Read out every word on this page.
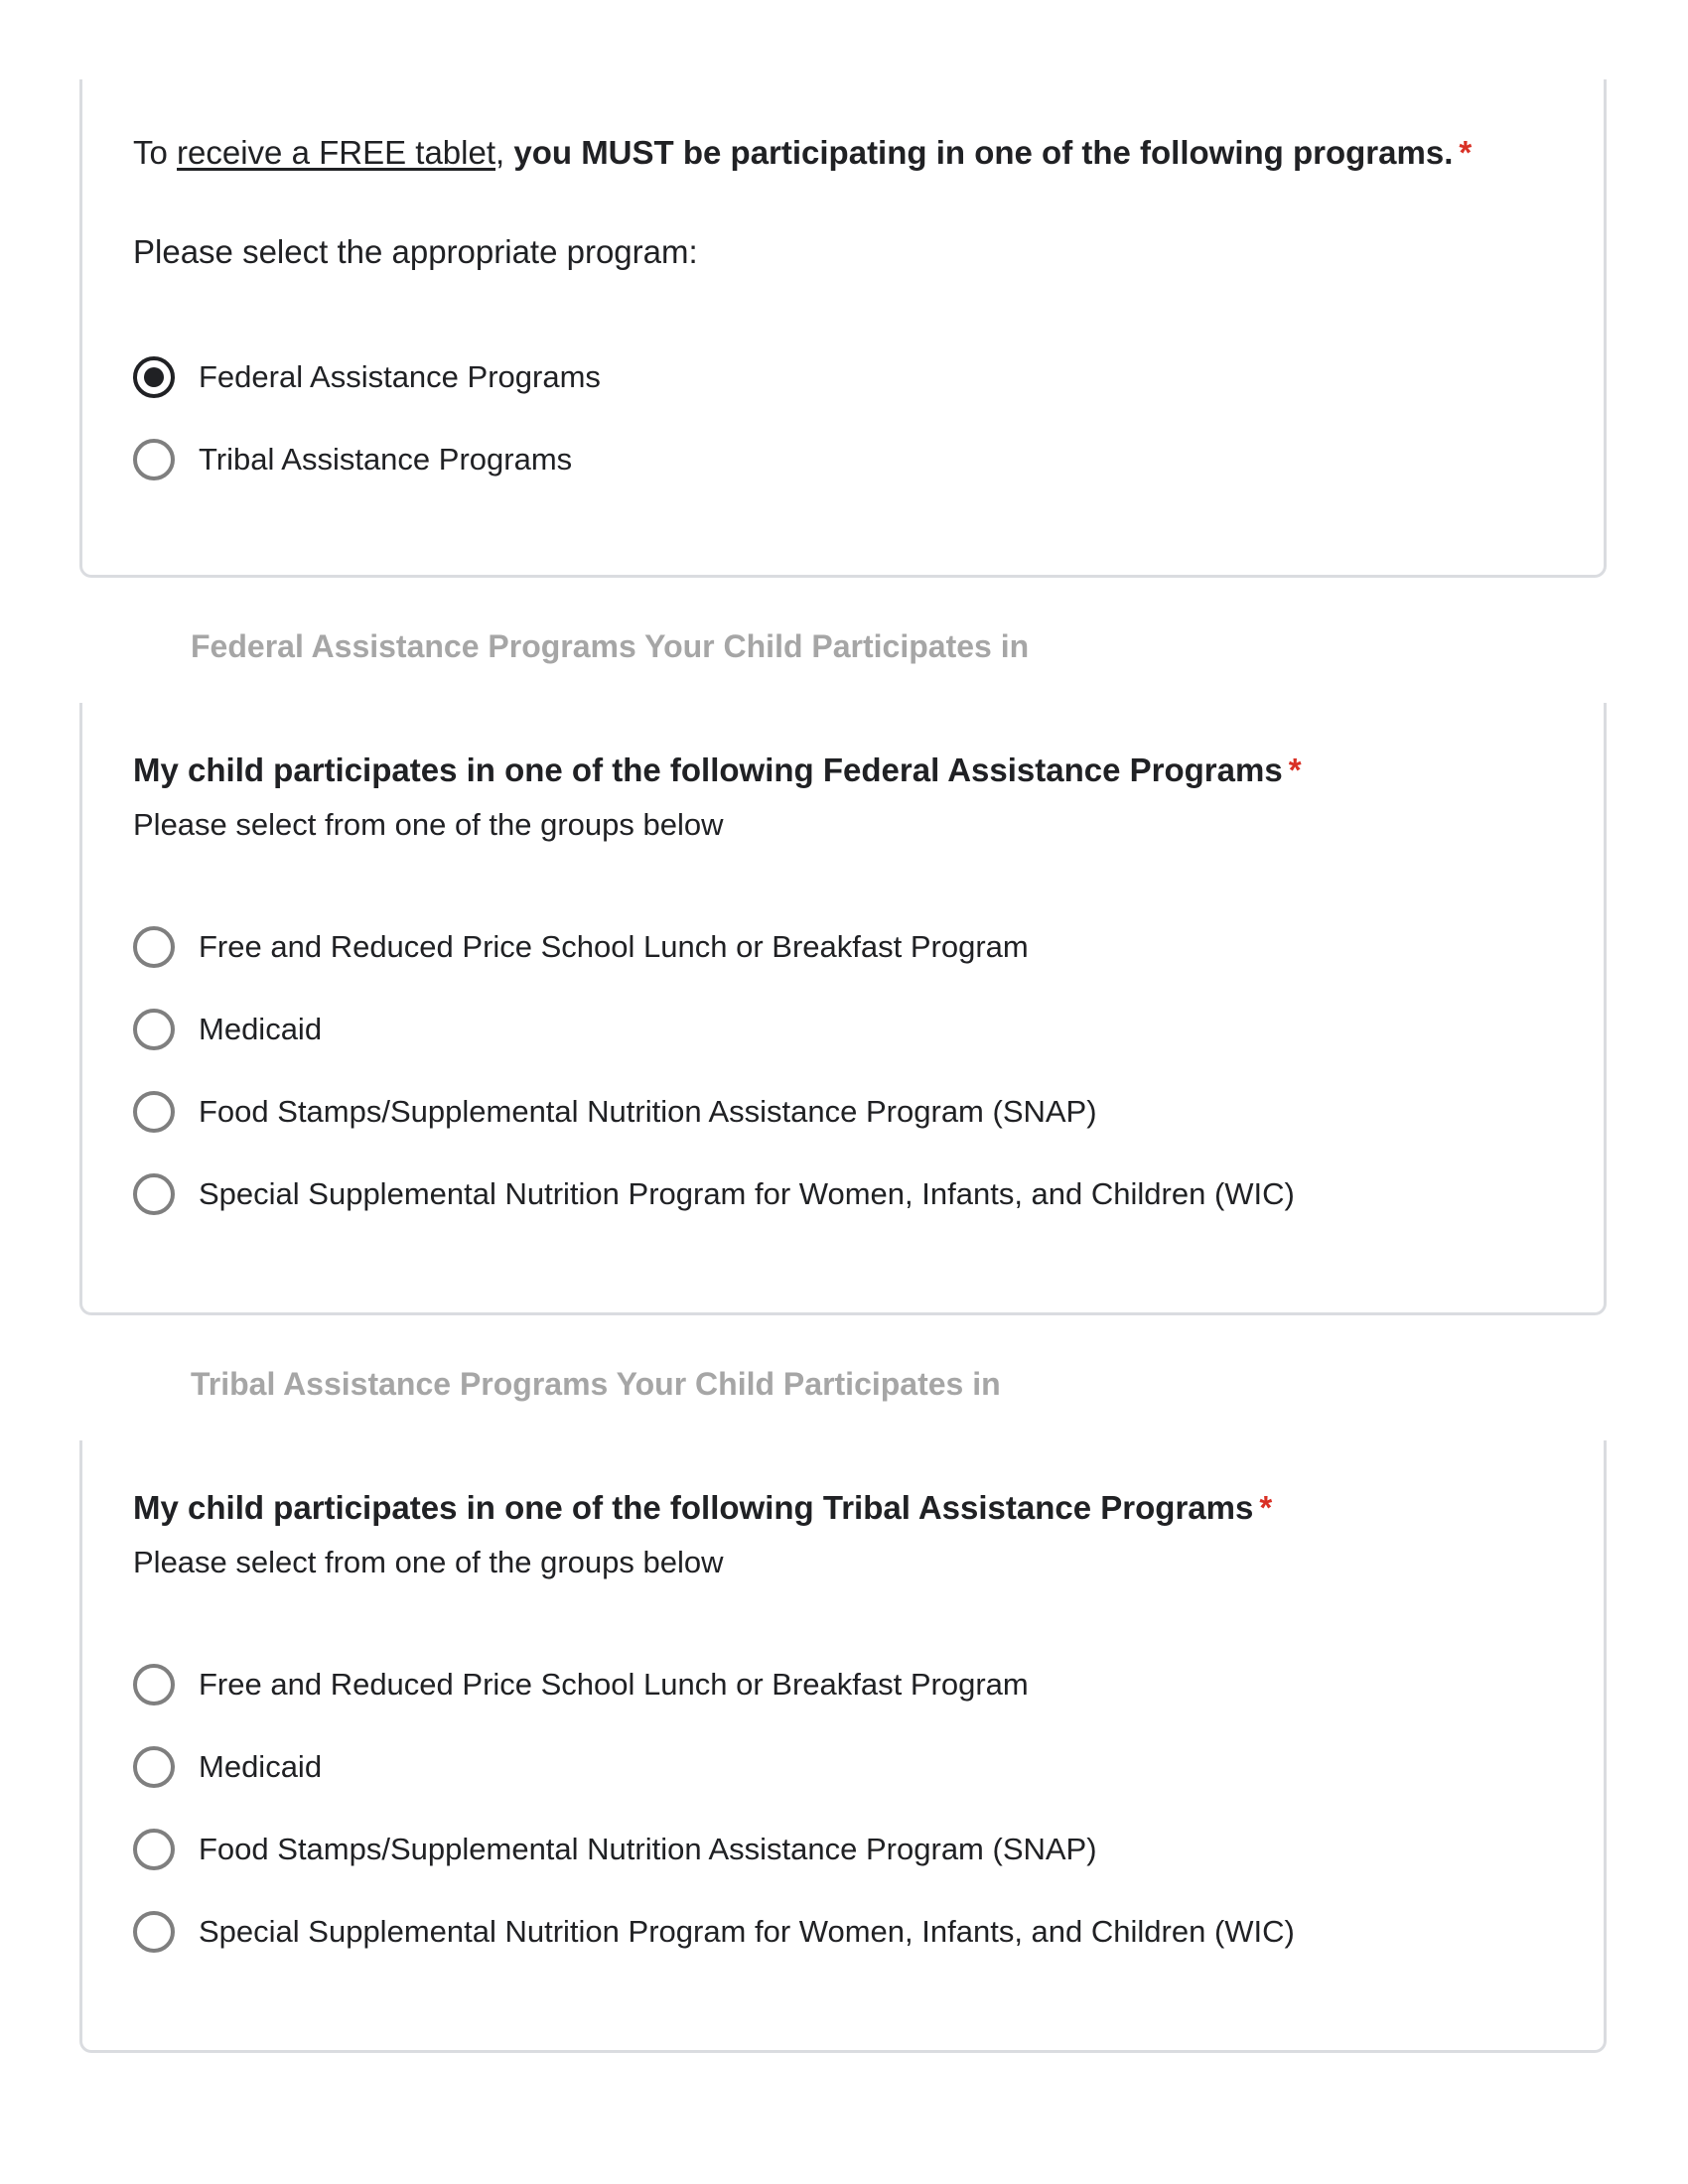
To receive a FREE tablet, you MUST be participating in one of the following programs. *
Please select the appropriate program:
Federal Assistance Programs
Tribal Assistance Programs
Federal Assistance Programs Your Child Participates in
My child participates in one of the following Federal Assistance Programs *
Please select from one of the groups below
Free and Reduced Price School Lunch or Breakfast Program
Medicaid
Food Stamps/Supplemental Nutrition Assistance Program (SNAP)
Special Supplemental Nutrition Program for Women, Infants, and Children (WIC)
Tribal Assistance Programs Your Child Participates in
My child participates in one of the following Tribal Assistance Programs *
Please select from one of the groups below
Free and Reduced Price School Lunch or Breakfast Program
Medicaid
Food Stamps/Supplemental Nutrition Assistance Program (SNAP)
Special Supplemental Nutrition Program for Women, Infants, and Children (WIC)
